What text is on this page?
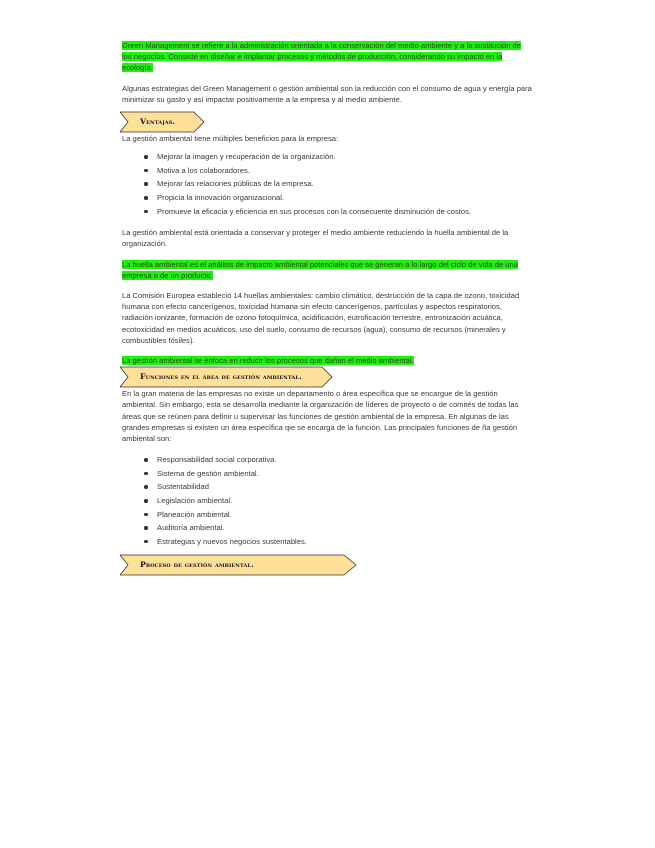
Green Management se refiere a la administración orientada a la conservación del medio ambiente y a la sustitución de los negocios. Consiste en diseñar e implantar procesos y métodos de producción, considerando su impacto en la ecología.

Algunas estrategias del Green Management o gestión ambiental son la reducción con el consumo de agua y energía para minimizar su gasto y así impactar positivamente a la empresa y al medio ambiente.

Ventajas.

La gestión ambiental tiene múltiples beneficios para la empresa:

Mejorar la imagen y recuperación de la organización.
Motiva a los colaboradores.
Mejorar las relaciones públicas de la empresa.
Propicia la innovación organizacional.
Promueve la eficacia y eficiencia en sus procesos con la consecuente disminución de costos.

La gestión ambiental está orientada a conservar y proteger el medio ambiente reduciendo la huella ambiental de la organización.

La huella ambiental es el análisis de impacto ambiental potenciales que se generan a lo largo del ciclo de vida de una empresa o de un producto.

La Comisión Europea estableció 14 huellas ambientales: cambio climático, destrucción de la capa de ozono, toxicidad humana con efecto cancerígenos, toxicidad humana sin efecto cancerígenos, partículas y aspectos respiratorios, radiación ionizante, formación de ozono fotoquímica, acidificación, eutroficación terrestre, entronización acuática, ecotoxicidad en medios acuáticos, uso del suelo, consumo de recursos (agua), consumo de recursos (minerales y combustibles fósiles).

La gestión ambiental se enfoca en reducir los procesos que dañan el medio ambiental.

Funciones en el área de gestión ambiental.

En la gran materia de las empresas no existe un departamento o área específica que se encargue de la gestión ambiental. Sin embargo, esta se desarrolla mediante la organización de líderes de proyecto o de comités de todas las áreas que se reúnen para definir u supervisar las funciones de gestión ambiental de la empresa. En algunas de las grandes empresas si existen un área específica qie se encarga de la función. Las principales funciones de ña gestión ambiental son:

Responsabilidad social corporativa.
Sistema de gestión ambiental.
Sustentabilidad
Legislación ambiental.
Planeación ambiental.
Auditoría ambiental.
Estrategias y nuevos negocios sustentables.
Proceso de gestión ambiental.
